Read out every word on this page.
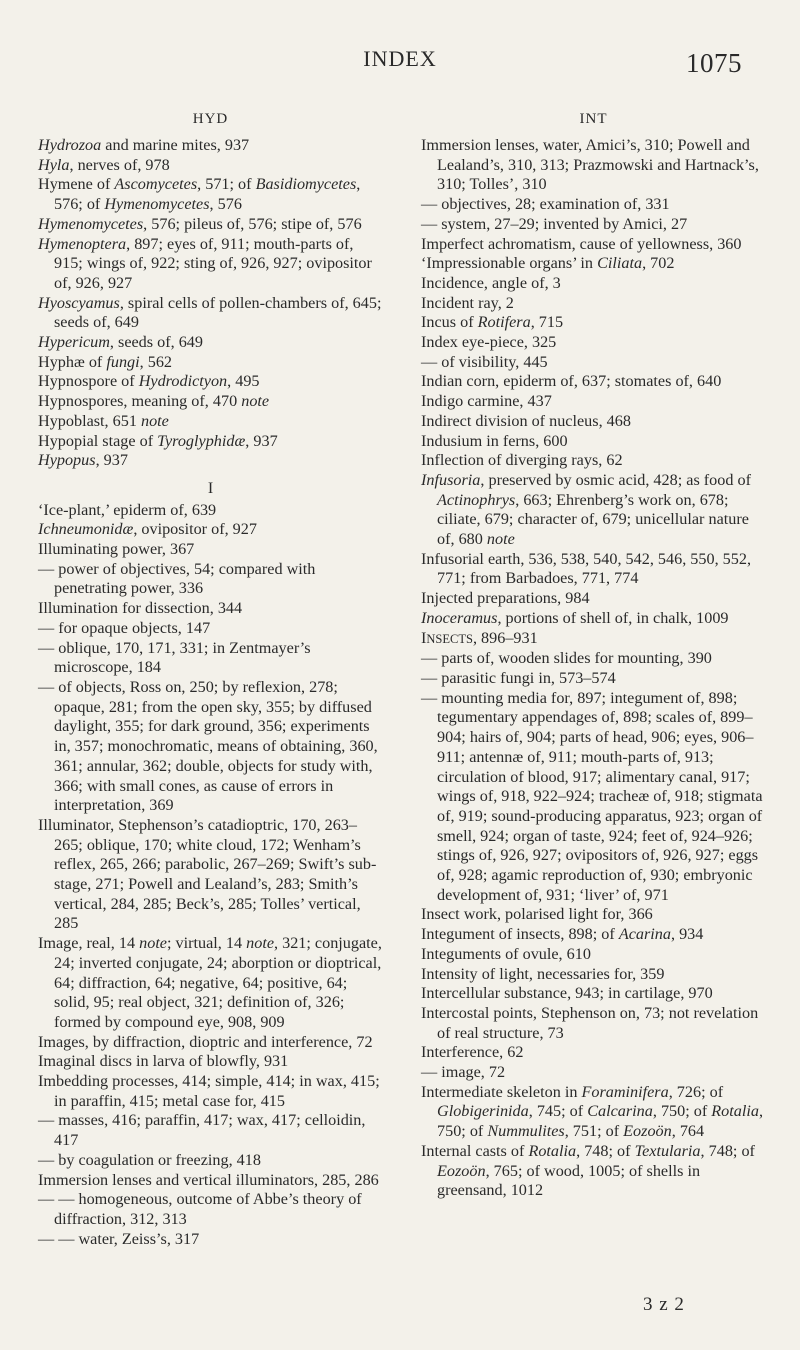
INDEX	1075
HYD

Hydrozoa and marine mites, 937

Hyla, nerves of, 978

Hymene of Ascomycetes, 571; of Basidiomycetes, 576; of Hymenomycetes, 576

Hymenomycetes, 576; pileus of, 576; stipe of, 576

Hymenoptera, 897; eyes of, 911; mouth-parts of, 915; wings of, 922; sting of, 926, 927; ovipositor of, 926, 927

Hyoscyamus, spiral cells of pollen-chambers of, 645; seeds of, 649

Hypericum, seeds of, 649

Hyphæ of fungi, 562

Hypnospore of Hydrodictyon, 495

Hypnospores, meaning of, 470 note

Hypoblast, 651 note

Hypopial stage of Tyroglyphidæ, 937

Hypopus, 937

I

‘Ice-plant,’ epiderm of, 639

Ichneumonidæ, ovipositor of, 927

Illuminating power, 367

— power of objectives, 54; compared with penetrating power, 336

Illumination for dissection, 344

— for opaque objects, 147

— oblique, 170, 171, 331; in Zentmayer’s microscope, 184

— of objects, Ross on, 250; by reflexion, 278; opaque, 281; from the open sky, 355; by diffused daylight, 355; for dark ground, 356; experiments in, 357; monochromatic, means of obtaining, 360, 361; annular, 362; double, objects for study with, 366; with small cones, as cause of errors in interpretation, 369

Illuminator, Stephenson’s catadioptric, 170, 263–265; oblique, 170; white cloud, 172; Wenham’s reflex, 265, 266; parabolic, 267–269; Swift’s sub-stage, 271; Powell and Lealand’s, 283; Smith’s vertical, 284, 285; Beck’s, 285; Tolles’ vertical, 285

Image, real, 14 note; virtual, 14 note, 321; conjugate, 24; inverted conjugate, 24; aborption or dioptrical, 64; diffraction, 64; negative, 64; positive, 64; solid, 95; real object, 321; definition of, 326; formed by compound eye, 908, 909

Images, by diffraction, dioptric and interference, 72

Imaginal discs in larva of blowfly, 931

Imbedding processes, 414; simple, 414; in wax, 415; in paraffin, 415; metal case for, 415

— masses, 416; paraffin, 417; wax, 417; celloidin, 417

— by coagulation or freezing, 418

Immersion lenses and vertical illuminators, 285, 286

— — homogeneous, outcome of Abbe’s theory of diffraction, 312, 313

— — water, Zeiss’s, 317

INT

Immersion lenses, water, Amici’s, 310; Powell and Lealand’s, 310, 313; Prazmowski and Hartnack’s, 310; Tolles’, 310

— objectives, 28; examination of, 331

— system, 27–29; invented by Amici, 27

Imperfect achromatism, cause of yellowness, 360

‘Impressionable organs’ in Ciliata, 702

Incidence, angle of, 3

Incident ray, 2

Incus of Rotifera, 715

Index eye-piece, 325

— of visibility, 445

Indian corn, epiderm of, 637; stomates of, 640

Indigo carmine, 437

Indirect division of nucleus, 468

Indusium in ferns, 600

Inflection of diverging rays, 62

Infusoria, preserved by osmic acid, 428; as food of Actinophrys, 663; Ehrenberg’s work on, 678; ciliate, 679; character of, 679; unicellular nature of, 680 note

Infusorial earth, 536, 538, 540, 542, 546, 550, 552, 771; from Barbadoes, 771, 774

Injected preparations, 984

Inoceramus, portions of shell of, in chalk, 1009

INSECTS, 896–931

— parts of, wooden slides for mounting, 390

— parasitic fungi in, 573–574

— mounting media for, 897; integument of, 898; tegumentary appendages of, 898; scales of, 899–904; hairs of, 904; parts of head, 906; eyes, 906–911; antennæ of, 911; mouth-parts of, 913; circulation of blood, 917; alimentary canal, 917; wings of, 918, 922–924; tracheæ of, 918; stigmata of, 919; sound-producing apparatus, 923; organ of smell, 924; organ of taste, 924; feet of, 924–926; stings of, 926, 927; ovipositors of, 926, 927; eggs of, 928; agamic reproduction of, 930; embryonic development of, 931; ‘liver’ of, 971

Insect work, polarised light for, 366

Integument of insects, 898; of Acarina, 934

Integuments of ovule, 610

Intensity of light, necessaries for, 359

Intercellular substance, 943; in cartilage, 970

Intercostal points, Stephenson on, 73; not revelation of real structure, 73

Interference, 62

— image, 72

Intermediate skeleton in Foraminifera, 726; of Globigerinida, 745; of Calcarina, 750; of Rotalia, 750; of Nummulites, 751; of Eozoön, 764

Internal casts of Rotalia, 748; of Textularia, 748; of Eozoön, 765; of wood, 1005; of shells in greensand, 1012

3 z 2
